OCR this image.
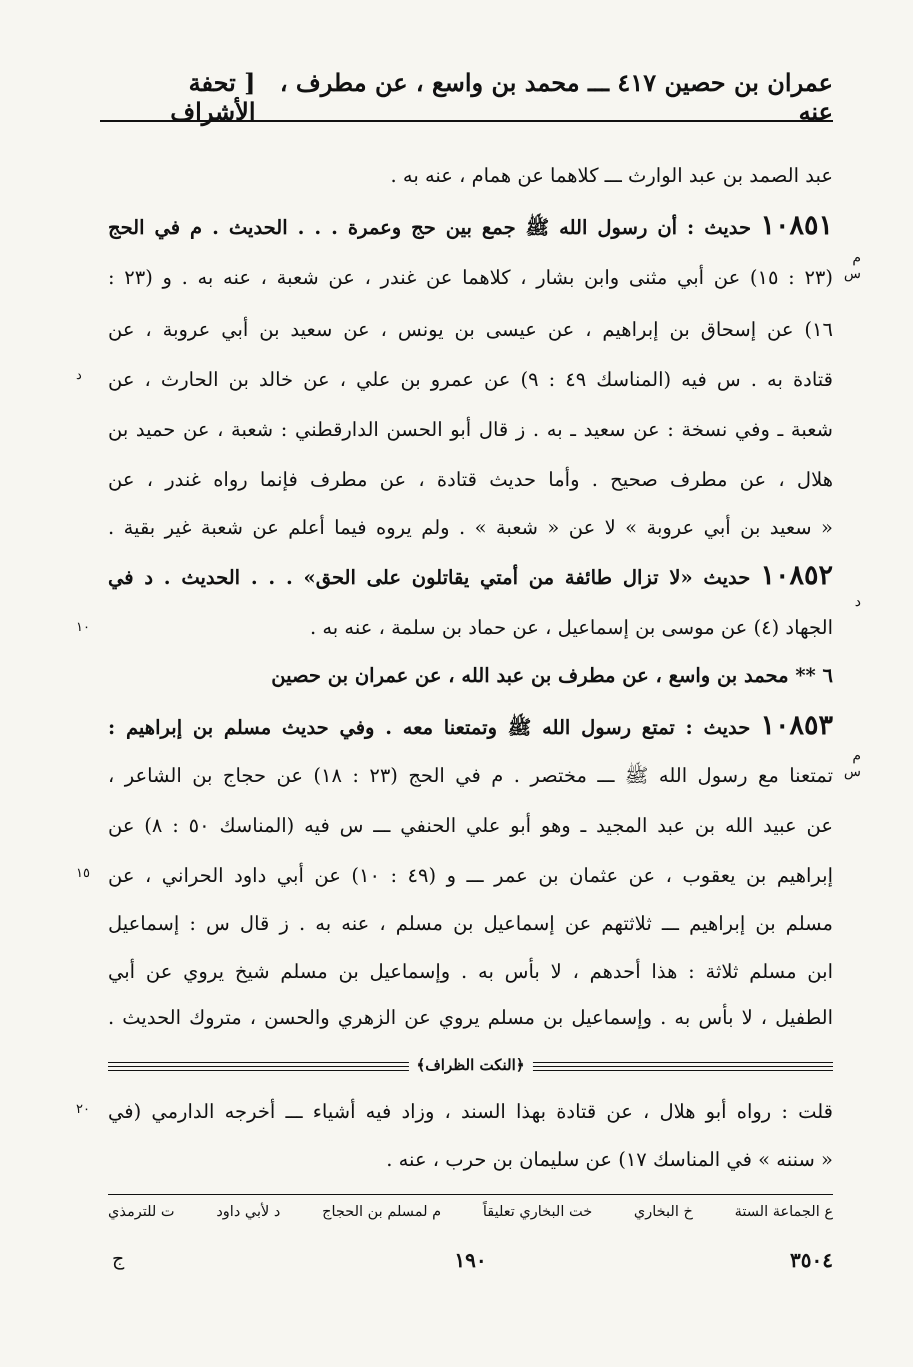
عمران بن حصين ٤١٧ ـــ محمد بن واسع ، عن مطرف ، عنه
[ تحفة الأشراف
عبد الصمد بن عبد الوارث ـــ كلاهما عن همام ، عنه به .
١٠٨٥١ حديث : أن رسول الله ﷺ جمع بين حج وعمرة . . . الحديث . م في الحج
(٢٣ : ١٥) عن أبي مثنى وابن بشار ، كلاهما عن غندر ، عن شعبة ، عنه به . و (٢٣ :
١٦) عن إسحاق بن إبراهيم ، عن عيسى بن يونس ، عن سعيد بن أبي عروبة ، عن
قتادة به . س فيه (المناسك ٤٩ : ٩) عن عمرو بن علي ، عن خالد بن الحارث ، عن
شعبة ـ وفي نسخة : عن سعيد ـ به . ز قال أبو الحسن الدارقطني : شعبة ، عن حميد بن
هلال ، عن مطرف صحيح . وأما حديث قتادة ، عن مطرف فإنما رواه غندر ، عن
« سعيد بن أبي عروبة » لا عن « شعبة » . ولم يروه فيما أعلم عن شعبة غير بقية .
١٠٨٥٢ حديث «لا تزال طائفة من أمتي يقاتلون على الحق» . . . الحديث . د في
الجهاد (٤) عن موسى بن إسماعيل ، عن حماد بن سلمة ، عنه به .
٦ ** محمد بن واسع ، عن مطرف بن عبد الله ، عن عمران بن حصين
١٠٨٥٣ حديث : تمتع رسول الله ﷺ وتمتعنا معه . وفي حديث مسلم بن إبراهيم :
تمتعنا مع رسول الله ﷺ ـــ مختصر . م في الحج (٢٣ : ١٨) عن حجاج بن الشاعر ،
عن عبيد الله بن عبد المجيد ـ وهو أبو علي الحنفي ـــ س فيه (المناسك ٥٠ : ٨) عن
إبراهيم بن يعقوب ، عن عثمان بن عمر ـــ و (٤٩ : ١٠) عن أبي داود الحراني ، عن
مسلم بن إبراهيم ـــ ثلاثتهم عن إسماعيل بن مسلم ، عنه به . ز قال س : إسماعيل
ابن مسلم ثلاثة : هذا أحدهم ، لا بأس به . وإسماعيل بن مسلم شيخ يروي عن أبي
الطفيل ، لا بأس به . وإسماعيل بن مسلم يروي عن الزهري والحسن ، متروك الحديث .
﴿النكت الظراف﴾
قلت : رواه أبو هلال ، عن قتادة بهذا السند ، وزاد فيه أشياء ـــ أخرجه الدارمي (في
« سننه » في المناسك ١٧) عن سليمان بن حرب ، عنه .
م س
د
د
١٠
م س
١٥
٢٠
ع الجماعة الستة
خ البخاري
خت البخاري تعليقاً
م لمسلم بن الحجاج
د لأبي داود
ت للترمذي
٣٥٠٤
١٩٠
ج
